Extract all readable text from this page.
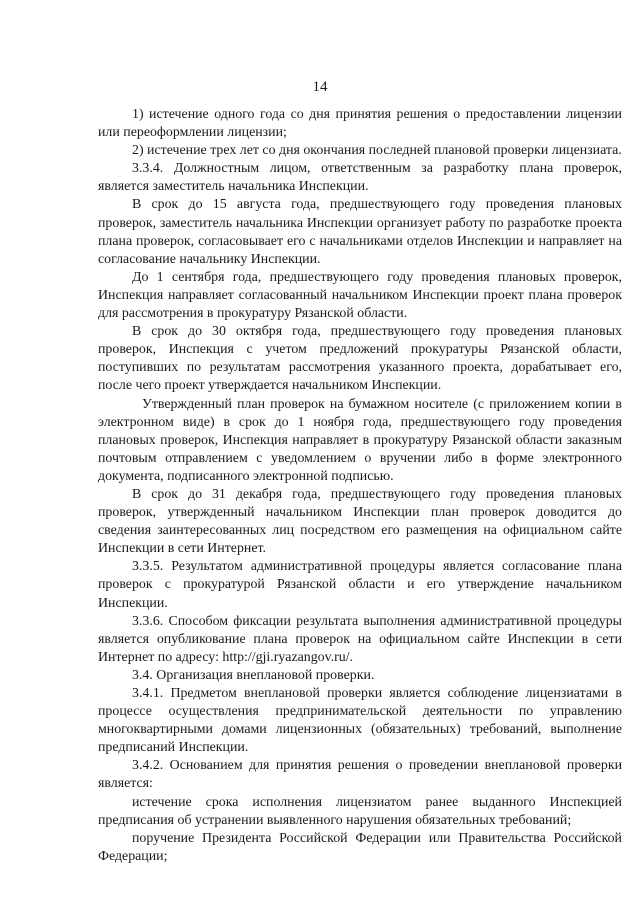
14

1) истечение одного года со дня принятия решения о предоставлении лицензии или переоформлении лицензии;

2) истечение трех лет со дня окончания последней плановой проверки лицензиата.

3.3.4. Должностным лицом, ответственным за разработку плана проверок, является заместитель начальника Инспекции.

В срок до 15 августа года, предшествующего году проведения плановых проверок, заместитель начальника Инспекции организует работу по разработке проекта плана проверок, согласовывает его с начальниками отделов Инспекции и направляет на согласование начальнику Инспекции.

До 1 сентября года, предшествующего году проведения плановых проверок, Инспекция направляет согласованный начальником Инспекции проект плана проверок для рассмотрения в прокуратуру Рязанской области.

В срок до 30 октября года, предшествующего году проведения плановых проверок, Инспекция с учетом предложений прокуратуры Рязанской области, поступивших по результатам рассмотрения указанного проекта, дорабатывает его, после чего проект утверждается начальником Инспекции.

Утвержденный план проверок на бумажном носителе (с приложением копии в электронном виде) в срок до 1 ноября года, предшествующего году проведения плановых проверок, Инспекция направляет в прокуратуру Рязанской области заказным почтовым отправлением с уведомлением о вручении либо в форме электронного документа, подписанного электронной подписью.

В срок до 31 декабря года, предшествующего году проведения плановых проверок, утвержденный начальником Инспекции план проверок доводится до сведения заинтересованных лиц посредством его размещения на официальном сайте Инспекции в сети Интернет.

3.3.5. Результатом административной процедуры является согласование плана проверок с прокуратурой Рязанской области и его утверждение начальником Инспекции.

3.3.6. Способом фиксации результата выполнения административной процедуры является опубликование плана проверок на официальном сайте Инспекции в сети Интернет по адресу: http://gji.ryazangov.ru/.

3.4. Организация внеплановой проверки.

3.4.1. Предметом внеплановой проверки является соблюдение лицензиатами в процессе осуществления предпринимательской деятельности по управлению многоквартирными домами лицензионных (обязательных) требований, выполнение предписаний Инспекции.

3.4.2. Основанием для принятия решения о проведении внеплановой проверки является:

истечение срока исполнения лицензиатом ранее выданного Инспекцией предписания об устранении выявленного нарушения обязательных требований;

поручение Президента Российской Федерации или Правительства Российской Федерации;
